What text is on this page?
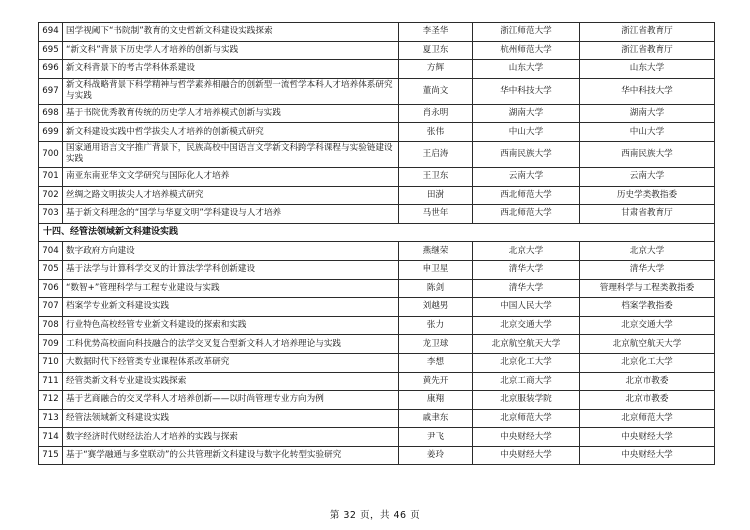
694	国学视阈下“书院制”教育的文史哲新文科建设实践探索	李圣华	浙江师范大学	浙江省教育厅
695	“新文科”背景下历史学人才培养的创新与实践	夏卫东	杭州师范大学	浙江省教育厅
696	新文科背景下的考古学科体系建设	方辉	山东大学	山东大学
697	新文科战略背景下科学精神与哲学素养相融合的创新型一流哲学本科人才培养体系研究与实践	董尚文	华中科技大学	华中科技大学
698	基于书院优秀教育传统的历史学人才培养模式创新与实践	肖永明	湖南大学	湖南大学
699	新文科建设实践中哲学拔尖人才培养的创新模式研究	张伟	中山大学	中山大学
700	国家通用语言文字推广背景下，民族高校中国语言文学新文科跨学科课程与实验链建设实践	王启涛	西南民族大学	西南民族大学
701	南亚东南亚华文文学研究与国际化人才培养	王卫东	云南大学	云南大学
702	丝绸之路文明拔尖人才培养模式研究	田澍	西北师范大学	历史学类教指委
703	基于新文科理念的“国学与华夏文明”学科建设与人才培养	马世年	西北师范大学	甘肃省教育厅
十四、经管法领域新文科建设实践				
704	数字政府方向建设	燕继荣	北京大学	北京大学
705	基于法学与计算科学交叉的计算法学学科创新建设	申卫星	清华大学	清华大学
706	“数智+”管理科学与工程专业建设与实践	陈剑	清华大学	管理科学与工程类教指委
707	档案学专业新文科建设实践	刘越男	中国人民大学	档案学教指委
708	行业特色高校经管专业新文科建设的探索和实践	张力	北京交通大学	北京交通大学
709	工科优势高校面向科技融合的法学交叉复合型新文科人才培养理论与实践	龙卫球	北京航空航天大学	北京航空航天大学
710	大数据时代下经管类专业课程体系改革研究	李想	北京化工大学	北京化工大学
711	经管类新文科专业建设实践探索	黄先开	北京工商大学	北京市教委
712	基于艺商融合的交叉学科人才培养创新——以时尚管理专业方向为例	康翔	北京服装学院	北京市教委
713	经管法领域新文科建设实践	戚聿东	北京师范大学	北京师范大学
714	数字经济时代财经法治人才培养的实践与探索	尹飞	中央财经大学	中央财经大学
715	基于“赛学融通与多堂联动”的公共管理新文科建设与数字化转型实验研究	姜玲	中央财经大学	中央财经大学
第 32 页，共 46 页
